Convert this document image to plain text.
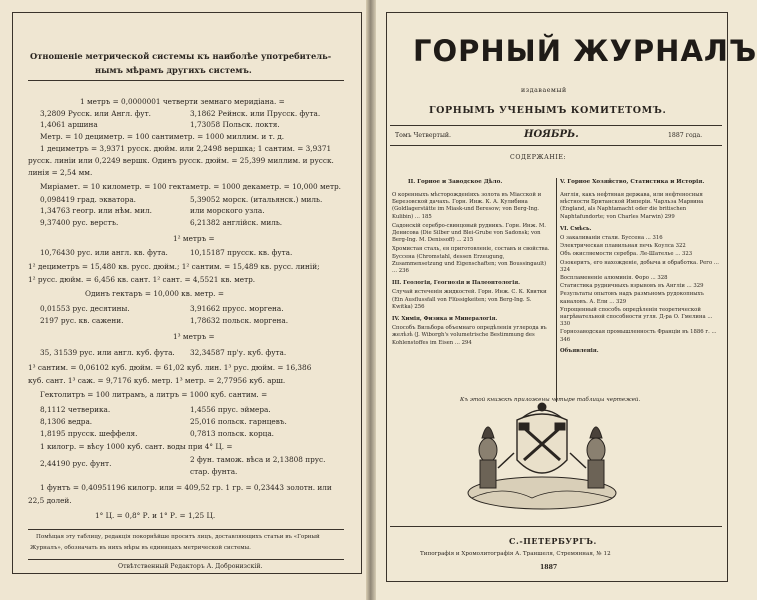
Отношеніе метрической системы къ наиболѣе употребитель-
нымъ мѣрамъ другихъ системъ.
1 метръ = 0,0000001 четверти земнаго меридіана. =
3,2809 Русск. или Англ. фут.	3,1862 Рейнск. или Прусск. фута.
1,4061 аршина	1,73058 Польск. локтя.
Метр. = 10 дециметр. = 100 сантиметр. = 1000 миллим. и т. д.
1 дециметръ = 3,9371 русск. дюйм. или 2,2498 вершка; 1 сантим. = 3,9371
русск. линіи или 0,2249 вершк. Одинъ русск. дюйм. = 25,399 миллим. и русск.
линія = 2,54 мм.
Миріамет. = 10 километр. = 100 гектаметр. = 1000 декаметр. = 10,000 метр.
0,098419 град. экватора.	5,39052 морск. (итальянск.) миль.
1,34763 геогр. или нѣм. мил.	или морского узла.
9,37400 рус. верстъ.	6,21382 англійск. миль.
1² метръ =
10,76430 рус. или англ. кв. фута.	10,15187 прусск. кв. фута.
1² дециметръ = 15,480 кв. русс. дюйм.; 1² сантим. = 15,489 кв. русс. линій;
1² русс. дюйм. = 6,456 кв. сант. 1² сант. = 4,5521 кв. метр.
Одинъ гектаръ = 10,000 кв. метр. =
0,01553 рус. десятины.	3,91662 прусс. моргена.
2197 рус. кв. сажени.	1,78632 польск. моргена.
1³ метръ =
35, 31539 рус. или англ. куб. фута. 32,34587 пр'у. куб. фута.
1³ сантим. = 0,06102 куб. дюйм. = 61,02 куб. лин. 1³ рус. дюйм. = 16,386
куб. сант. 1³ саж. = 9,7176 куб. метр. 1³ метр. = 2,77956 куб. арш.
Гектолитръ = 100 литрамъ, а литръ = 1000 куб. сантим. =
8,1112 четверика.	1,4556 прус. эймера.
8,1306 ведра.	25,016 польск. гарнцевъ.
1,8195 прусск. шеффеля.	0,7813 польск. корца.
1 килогр. = вѣсу 1000 куб. сант. воды при 4° Ц. =
2,44190 рус. фунт.	2 фун. тамож. вѣса и 2,13808 прус.
стар. фунта.
1 фунтъ = 0,40951196 килогр. или = 409,52 гр. 1 гр. = 0,23443 золотн. или
22,5 долей.
1° Ц. = 0,8° Р. и 1° Р. = 1,25 Ц.
Помѣщая эту таблицу, редакція покорнѣйше проситъ лицъ, доставляющихъ статьи въ «Горный
Журналъ», обозначать въ нихъ мѣры въ единицахъ метрической системы.
Отвѣтственный Редакторъ А. Добронизскій.
ГОРНЫЙ ЖУРНАЛЪ
издаваемый
ГОРНЫМЪ УЧЕНЫМЪ КОМИТЕТОМЪ.
Томъ Четвертый.	НОЯБРЬ.	1887 года.
СОДЕРЖАНІЕ:
II. Горное и Заводское Дѣло.
О коренныхъ мѣсторожденіяхъ золота въ Міасской и Березовской дачахъ. Горн. Инж. К. А. Кулибина (Goldlagerstätte im Miask-und Beresow; von Berg-Ing. Kulibin) ... 185
Садонскій серебро-свинцовый рудникъ. Горн. Инж. М. Денисова (Die Silber und Blei-Grube von Sadonsk; von Berg-Ing. M. Denissoff) ... 215
Хромистая сталь, ея приготовленіе, составъ и свойства. Буссена (Chromstahl, dessen Erzeugung, Zusammensetzung und Eigenschaften; von Boussingault) ... 236
III. Геологія, Геогнозія и Палеонтологія.
Случай истеченія жидкостей. Горн. Инж. С. К. Квитки (Ein Ausflussfall von Flüssigkeiten; von Berg-Ing. S. Kwitka) 256
IV. Химія, Физика и Минералогія.
Способъ Вильбора объемнаго опредѣленія углерода въ желѣзѣ (J. Wiborgh's volumetrische Bestimmung des Kohlenstoffes im Eisen ... 294
V. Горное Хозяйство, Статистика и Исторія.
Англія, какъ нефтяная держава, или нефтеносныя мѣстности Британской Имперіи. Чарльза Марвина (England, als Naphtamacht oder die britischen Naphtafundorte; von Charles Marwin) 299
VI. Смѣсь.
О закаливаніи стали. Буссена ... 316
Электрическая плавильная печь Коулса 322
Объ окисляемости серебра. Ле-Шателье ... 323
Озокеритъ, его нахожденіе, добыча и обработка. Рего ... 324
Воспламененіе алюминія. Форо ... 328
Статистика рудничныхъ взрывовъ въ Англіи ... 329
Результаты опытовъ надъ размъномъ рудокопныхъ каналовъ. А. Ели ... 329
Упрощенный способъ опредѣленія теоретической нагрѣвательной способности угля. Д-ра О. Гмелина ... 330
Горнозаводская промышленность Франціи въ 1886 г. ... 346
Объявленія.
Къ этой книжкѣ приложены четыре таблицы чертежей.
С.-ПЕТЕРБУРГЪ.
Типографія и Хромолитографія А. Траншеля, Стремянная, № 12
1887
